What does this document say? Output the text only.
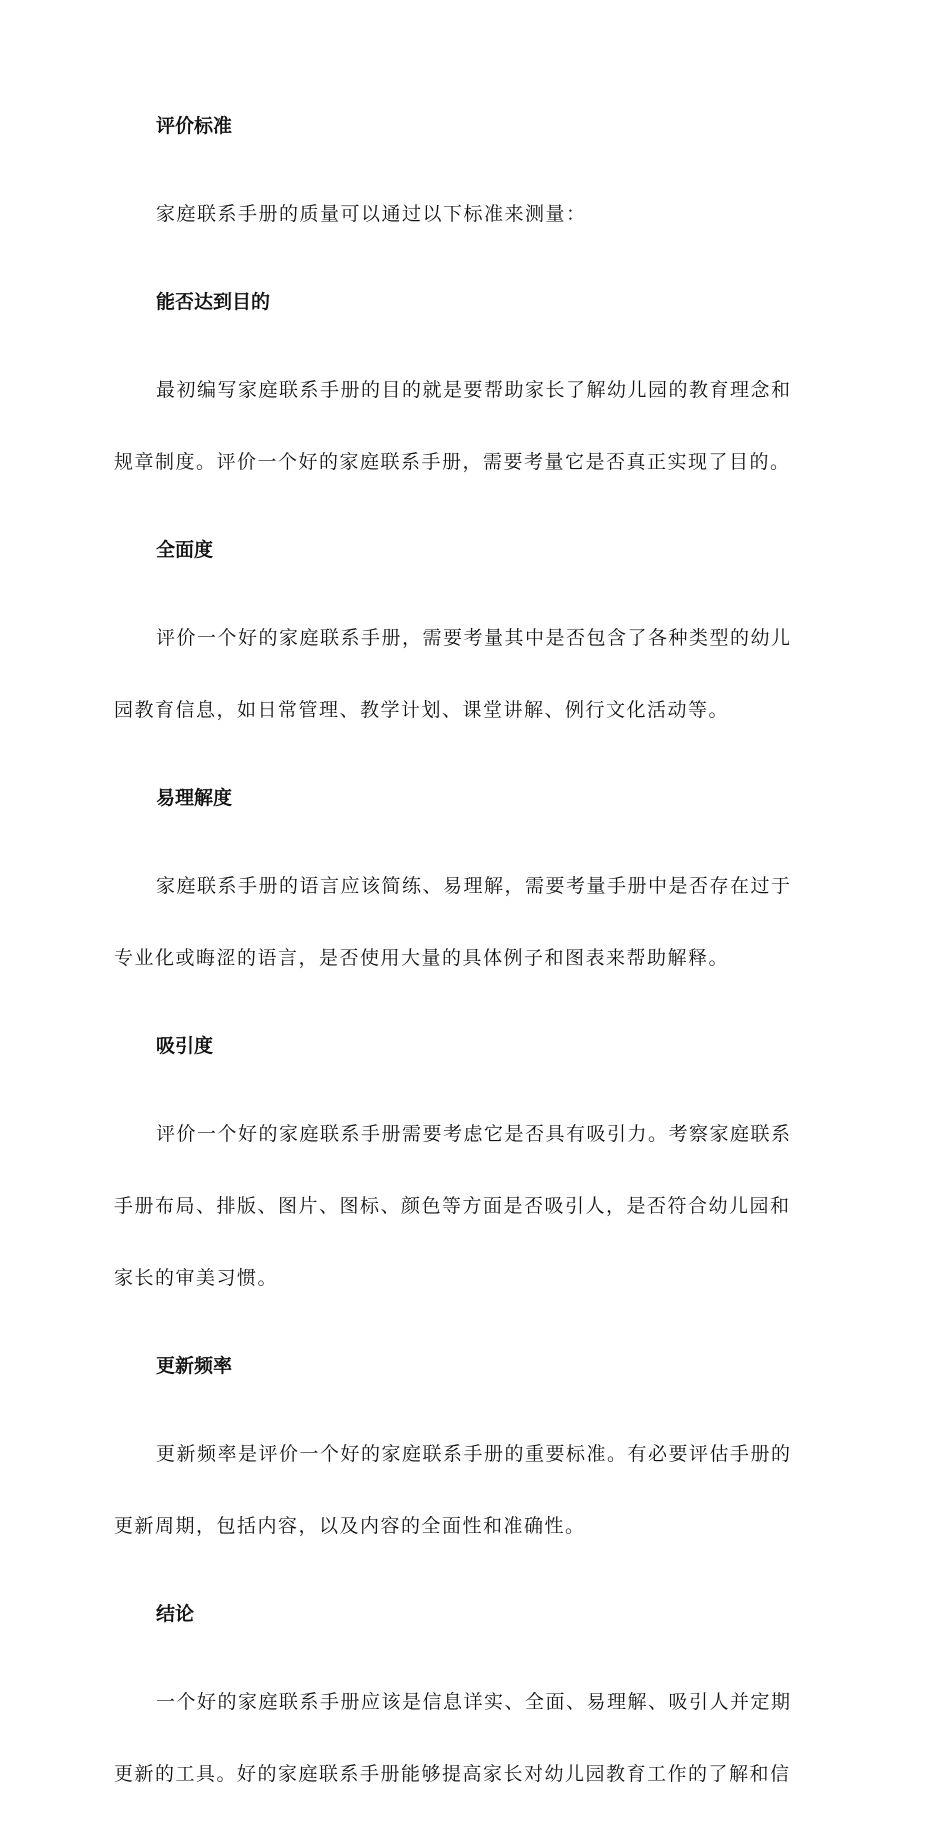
评价标准

家庭联系手册的质量可以通过以下标准来测量：

能否达到目的

最初编写家庭联系手册的目的就是要帮助家长了解幼儿园的教育理念和

规章制度。评价一个好的家庭联系手册，需要考量它是否真正实现了目的。

全面度

评价一个好的家庭联系手册，需要考量其中是否包含了各种类型的幼儿

园教育信息，如日常管理、教学计划、课堂讲解、例行文化活动等。

易理解度

家庭联系手册的语言应该简练、易理解，需要考量手册中是否存在过于

专业化或晦涩的语言，是否使用大量的具体例子和图表来帮助解释。

吸引度

评价一个好的家庭联系手册需要考虑它是否具有吸引力。考察家庭联系

手册布局、排版、图片、图标、颜色等方面是否吸引人，是否符合幼儿园和

家长的审美习惯。

更新频率

更新频率是评价一个好的家庭联系手册的重要标准。有必要评估手册的

更新周期，包括内容，以及内容的全面性和准确性。

结论

一个好的家庭联系手册应该是信息详实、全面、易理解、吸引人并定期

更新的工具。好的家庭联系手册能够提高家长对幼儿园教育工作的了解和信
